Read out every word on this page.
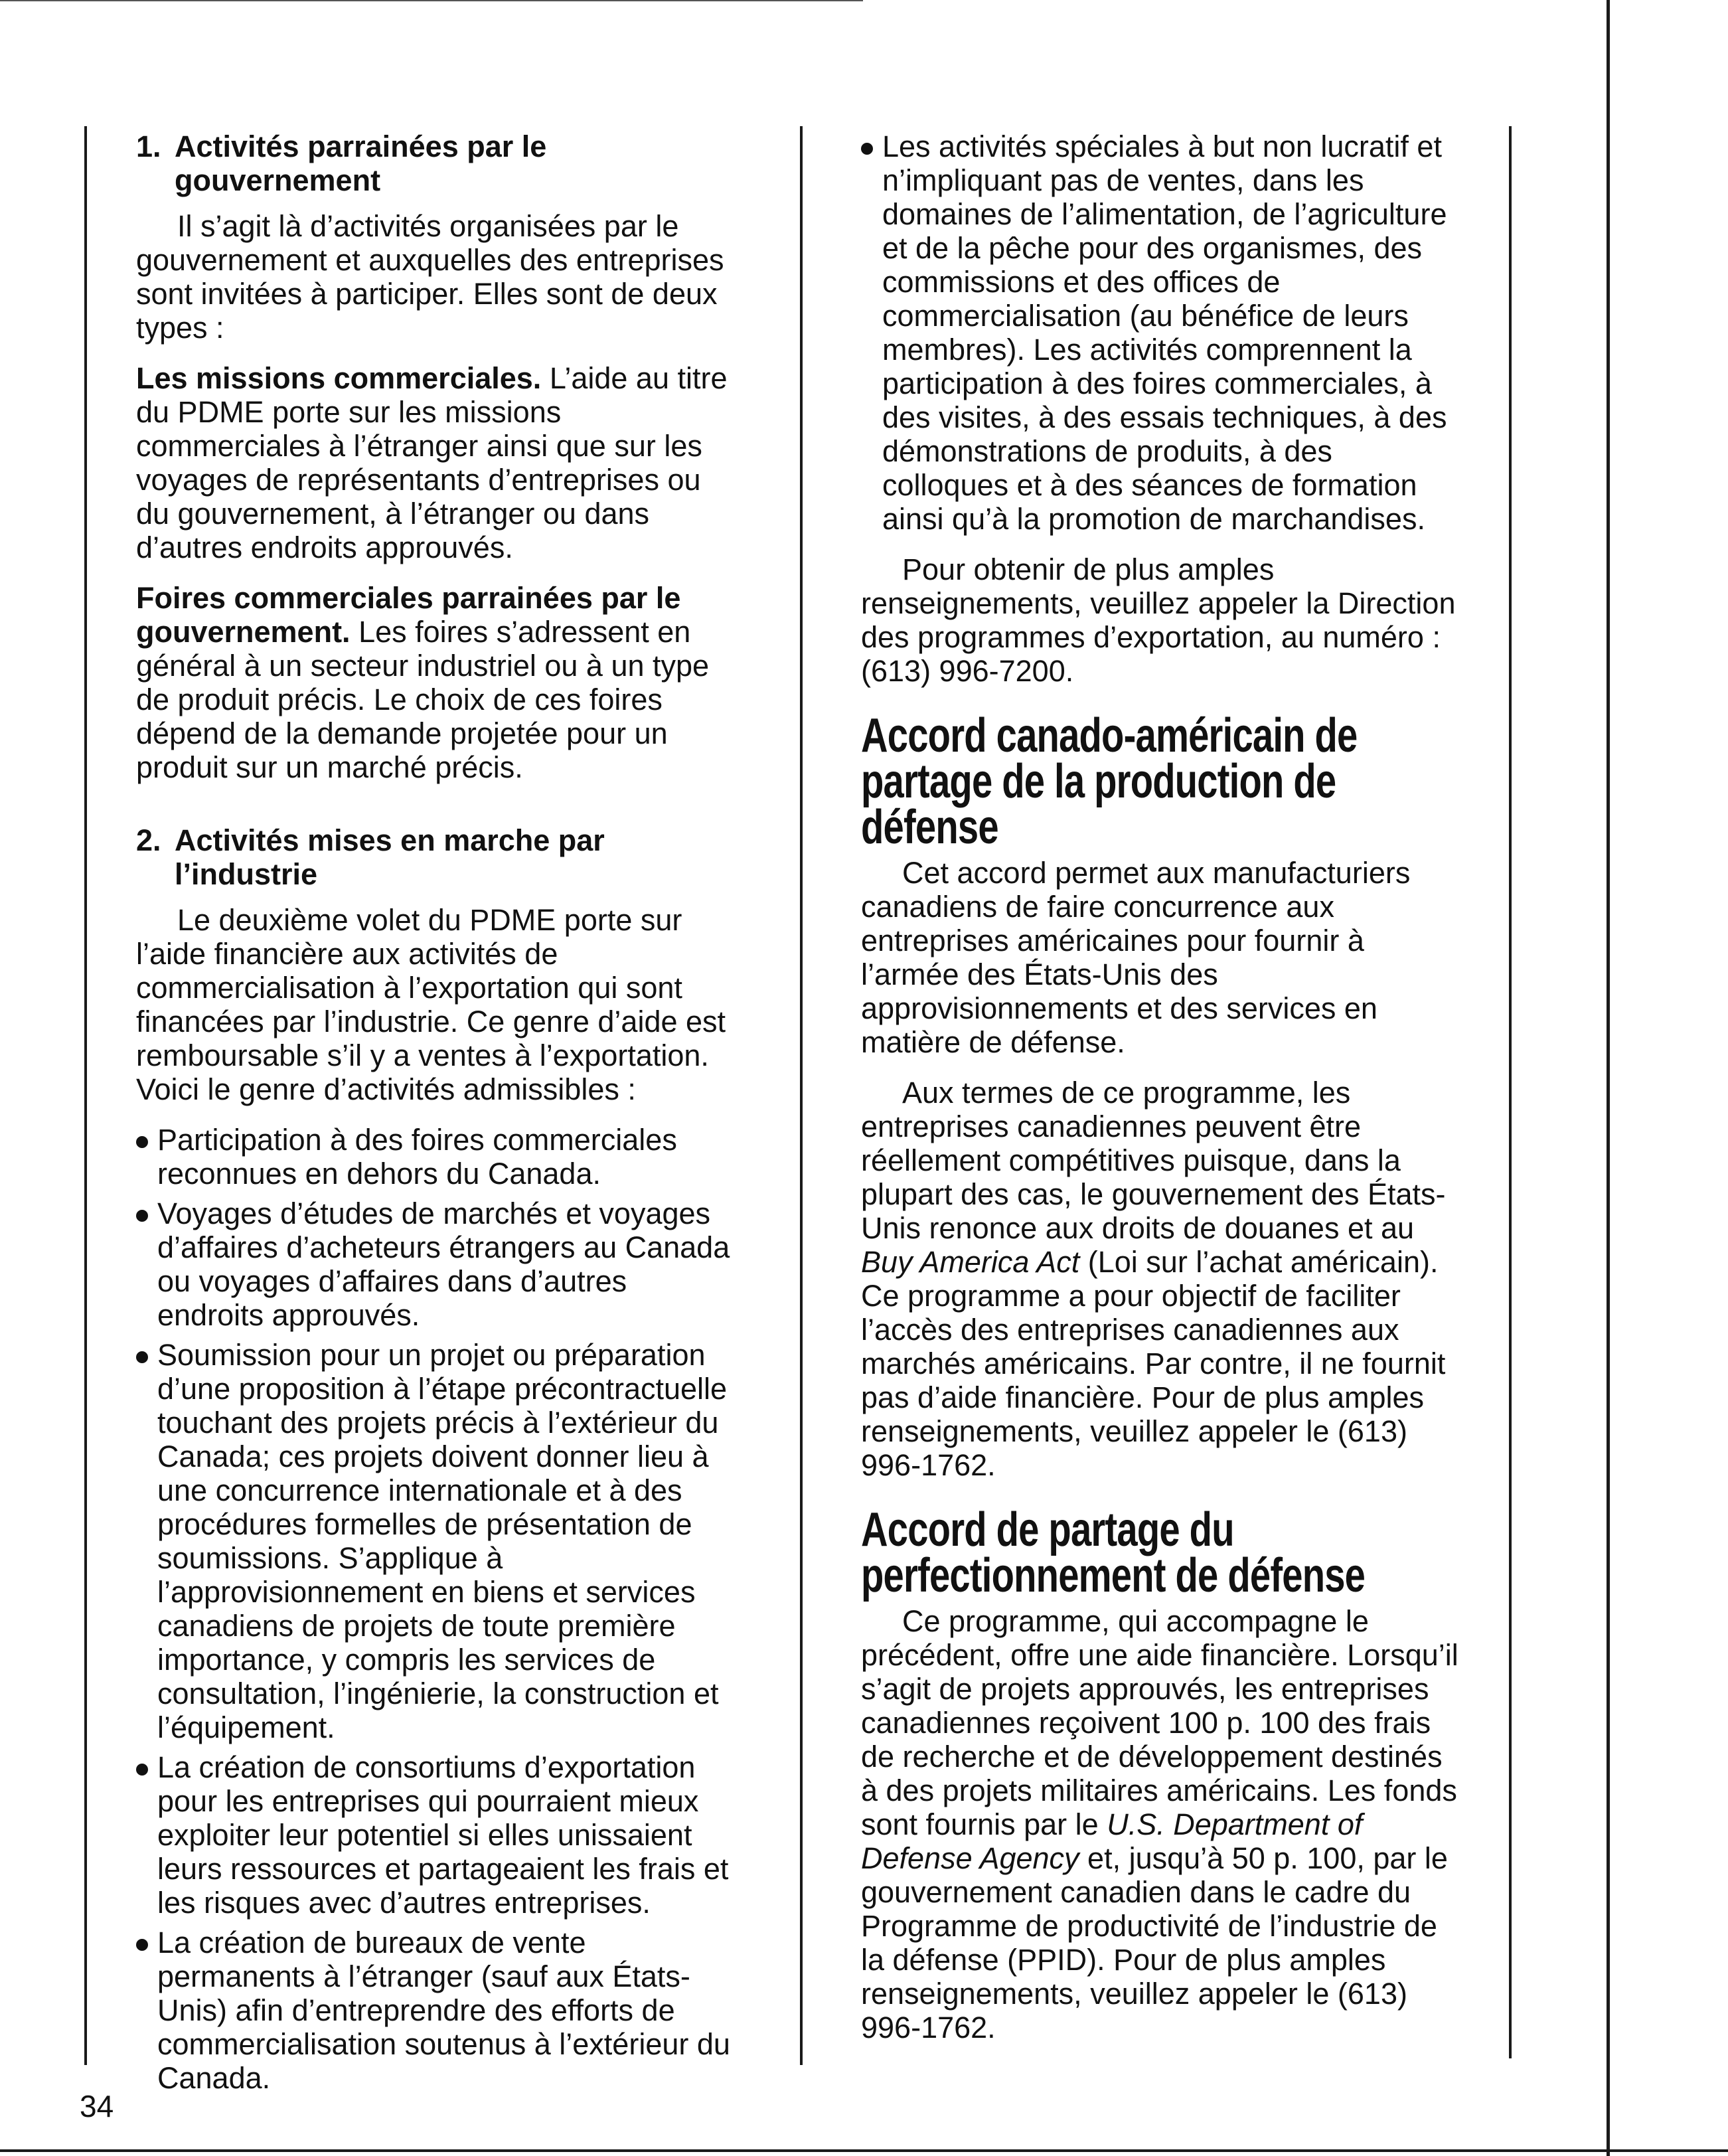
1. Activités parrainées par le
gouvernement

Il s’agit là d’activités organisées par le gouvernement et auxquelles des entreprises sont invitées à participer. Elles sont de deux types :

Les missions commerciales. L’aide au titre du PDME porte sur les missions commerciales à l’étranger ainsi que sur les voyages de représentants d’entreprises ou du gouvernement, à l’étranger ou dans d’autres endroits approuvés.

Foires commerciales parrainées par le gouvernement. Les foires s’adressent en général à un secteur industriel ou à un type de produit précis. Le choix de ces foires dépend de la demande projetée pour un produit sur un marché précis.

2. Activités mises en marche par
l’industrie

Le deuxième volet du PDME porte sur l’aide financière aux activités de commercialisation à l’exportation qui sont financées par l’industrie. Ce genre d’aide est remboursable s’il y a ventes à l’exportation. Voici le genre d’activités admissibles :

Participation à des foires commerciales reconnues en dehors du Canada.
Voyages d’études de marchés et voyages d’affaires d’acheteurs étrangers au Canada ou voyages d’affaires dans d’autres endroits approuvés.
Soumission pour un projet ou préparation d’une proposition à l’étape précontractuelle touchant des projets précis à l’extérieur du Canada; ces projets doivent donner lieu à une concurrence internationale et à des procédures formelles de présentation de soumissions. S’applique à l’approvisionnement en biens et services canadiens de projets de toute première importance, y compris les services de consultation, l’ingénierie, la construction et l’équipement.
La création de consortiums d’exportation pour les entreprises qui pourraient mieux exploiter leur potentiel si elles unissaient leurs ressources et partageaient les frais et les risques avec d’autres entreprises.
La création de bureaux de vente permanents à l’étranger (sauf aux États-Unis) afin d’entreprendre des efforts de commercialisation soutenus à l’extérieur du Canada.
Les activités spéciales à but non lucratif et n’impliquant pas de ventes, dans les domaines de l’alimentation, de l’agriculture et de la pêche pour des organismes, des commissions et des offices de commercialisation (au bénéfice de leurs membres). Les activités comprennent la participation à des foires commerciales, à des visites, à des essais techniques, à des démonstrations de produits, à des colloques et à des séances de formation ainsi qu’à la promotion de marchandises.

Pour obtenir de plus amples renseignements, veuillez appeler la Direction des programmes d’exportation, au numéro : (613) 996-7200.

Accord canado-américain de partage de la production de défense

Cet accord permet aux manufacturiers canadiens de faire concurrence aux entreprises américaines pour fournir à l’armée des États-Unis des approvisionnements et des services en matière de défense.

Aux termes de ce programme, les entreprises canadiennes peuvent être réellement compétitives puisque, dans la plupart des cas, le gouvernement des États-Unis renonce aux droits de douanes et au Buy America Act (Loi sur l’achat américain). Ce programme a pour objectif de faciliter l’accès des entreprises canadiennes aux marchés américains. Par contre, il ne fournit pas d’aide financière. Pour de plus amples renseignements, veuillez appeler le (613) 996-1762.

Accord de partage du perfectionnement de défense

Ce programme, qui accompagne le précédent, offre une aide financière. Lorsqu’il s’agit de projets approuvés, les entreprises canadiennes reçoivent 100 p. 100 des frais de recherche et de développement destinés à des projets militaires américains. Les fonds sont fournis par le U.S. Department of Defense Agency et, jusqu’à 50 p. 100, par le gouvernement canadien dans le cadre du Programme de productivité de l’industrie de la défense (PPID). Pour de plus amples renseignements, veuillez appeler le (613) 996-1762.

34
